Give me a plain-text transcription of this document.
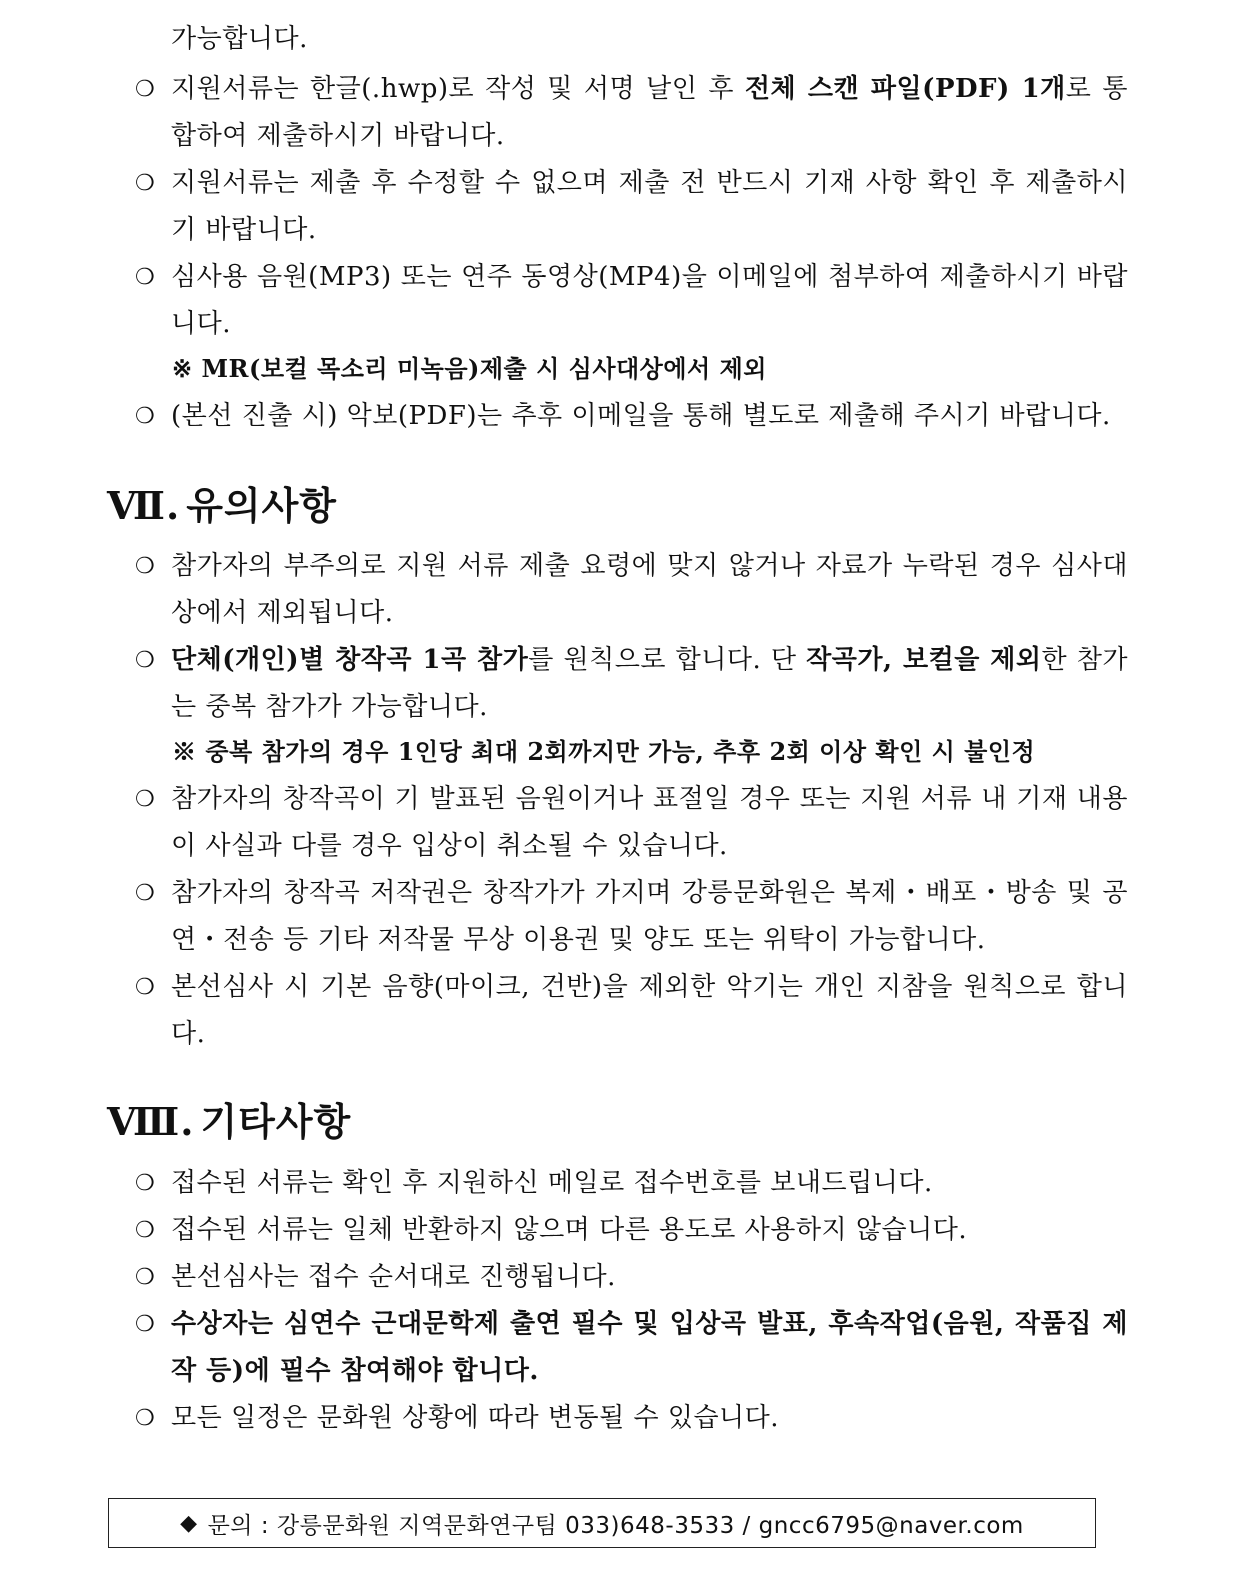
가능합니다.
❍ 지원서류는 한글(.hwp)로 작성 및 서명 날인 후 전체 스캔 파일(PDF) 1개로 통합하여 제출하시기 바랍니다.
❍ 지원서류는 제출 후 수정할 수 없으며 제출 전 반드시 기재 사항 확인 후 제출하시기 바랍니다.
❍ 심사용 음원(MP3) 또는 연주 동영상(MP4)을 이메일에 첨부하여 제출하시기 바랍니다.
※ MR(보컬 목소리 미녹음)제출 시 심사대상에서 제외
❍ (본선 진출 시) 악보(PDF)는 추후 이메일을 통해 별도로 제출해 주시기 바랍니다.
Ⅶ. 유의사항
❍ 참가자의 부주의로 지원 서류 제출 요령에 맞지 않거나 자료가 누락된 경우 심사대상에서 제외됩니다.
❍ 단체(개인)별 창작곡 1곡 참가를 원칙으로 합니다. 단 작곡가, 보컬을 제외한 참가는 중복 참가가 가능합니다.
※ 중복 참가의 경우 1인당 최대 2회까지만 가능, 추후 2회 이상 확인 시 불인정
❍ 참가자의 창작곡이 기 발표된 음원이거나 표절일 경우 또는 지원 서류 내 기재 내용이 사실과 다를 경우 입상이 취소될 수 있습니다.
❍ 참가자의 창작곡 저작권은 창작가가 가지며 강릉문화원은 복제・배포・방송 및 공연・전송 등 기타 저작물 무상 이용권 및 양도 또는 위탁이 가능합니다.
❍ 본선심사 시 기본 음향(마이크, 건반)을 제외한 악기는 개인 지참을 원칙으로 합니다.
Ⅷ. 기타사항
❍ 접수된 서류는 확인 후 지원하신 메일로 접수번호를 보내드립니다.
❍ 접수된 서류는 일체 반환하지 않으며 다른 용도로 사용하지 않습니다.
❍ 본선심사는 접수 순서대로 진행됩니다.
❍ 수상자는 심연수 근대문학제 출연 필수 및 입상곡 발표, 후속작업(음원, 작품집 제작 등)에 필수 참여해야 합니다.
❍ 모든 일정은 문화원 상황에 따라 변동될 수 있습니다.
◆ 문의 : 강릉문화원 지역문화연구팀 033)648-3533 / gncc6795@naver.com
